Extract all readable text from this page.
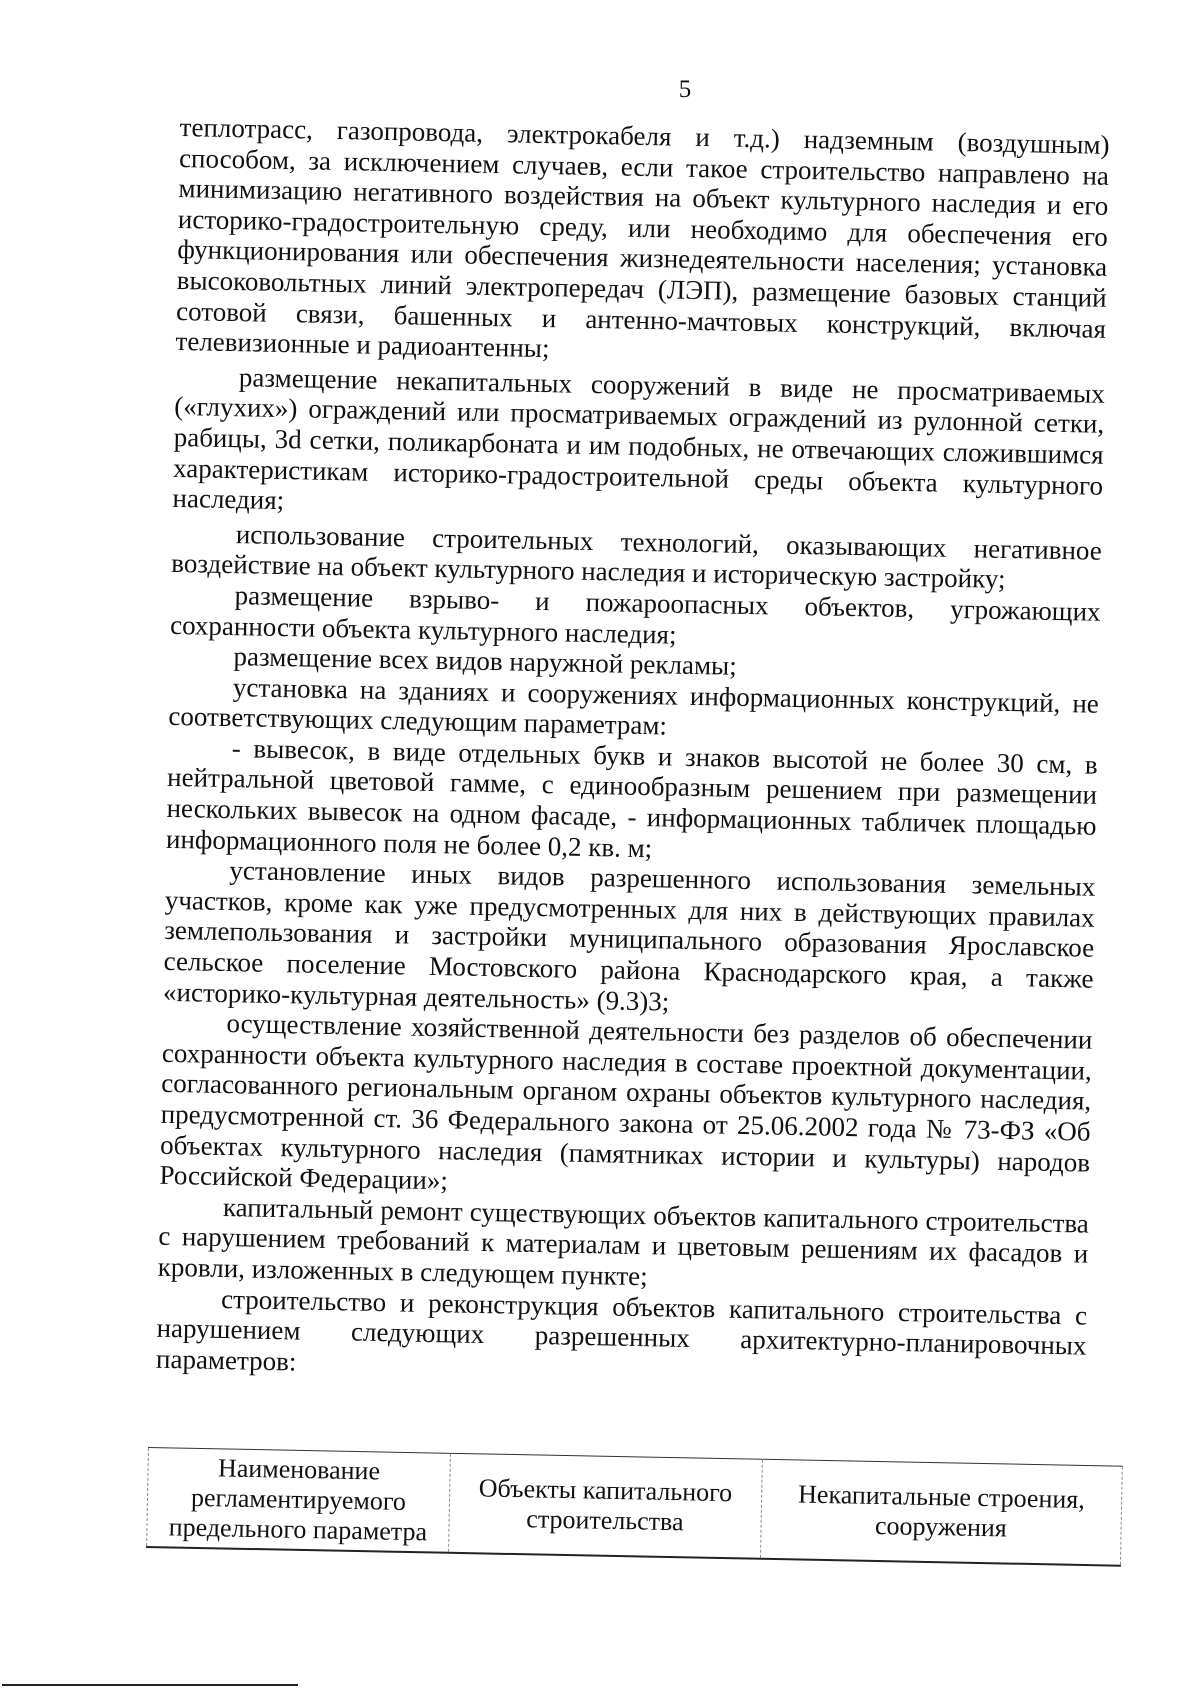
5

теплотрасс, газопровода, электрокабеля и т.д.) надземным (воздушным) способом, за исключением случаев, если такое строительство направлено на минимизацию негативного воздействия на объект культурного наследия и его историко-градостроительную среду, или необходимо для обеспечения его функционирования или обеспечения жизнедеятельности населения; установка высоковольтных линий электропередач (ЛЭП), размещение базовых станций сотовой связи, башенных и антенно-мачтовых конструкций, включая телевизионные и радиоантенны;

размещение некапитальных сооружений в виде не просматриваемых («глухих») ограждений или просматриваемых ограждений из рулонной сетки, рабицы, 3d сетки, поликарбоната и им подобных, не отвечающих сложившимся характеристикам историко-градостроительной среды объекта культурного наследия;

использование строительных технологий, оказывающих негативное воздействие на объект культурного наследия и историческую застройку;

размещение взрыво- и пожароопасных объектов, угрожающих сохранности объекта культурного наследия;

размещение всех видов наружной рекламы;

установка на зданиях и сооружениях информационных конструкций, не соответствующих следующим параметрам:

- вывесок, в виде отдельных букв и знаков высотой не более 30 см, в нейтральной цветовой гамме, с единообразным решением при размещении нескольких вывесок на одном фасаде, - информационных табличек площадью информационного поля не более 0,2 кв. м;

установление иных видов разрешенного использования земельных участков, кроме как уже предусмотренных для них в действующих правилах землепользования и застройки муниципального образования Ярославское сельское поселение Мостовского района Краснодарского края, а также «историко-культурная деятельность» (9.3)3;

осуществление хозяйственной деятельности без разделов об обеспечении сохранности объекта культурного наследия в составе проектной документации, согласованного региональным органом охраны объектов культурного наследия, предусмотренной ст. 36 Федерального закона от 25.06.2002 года № 73-ФЗ «Об объектах культурного наследия (памятниках истории и культуры) народов Российской Федерации»;

капитальный ремонт существующих объектов капитального строительства с нарушением требований к материалам и цветовым решениям их фасадов и кровли, изложенных в следующем пункте;

строительство и реконструкция объектов капитального строительства с нарушением следующих разрешенных архитектурно-планировочных параметров:

Наименование регламентируемого предельного параметра	Объекты капитального строительства	Некапитальные строения, сооружения
